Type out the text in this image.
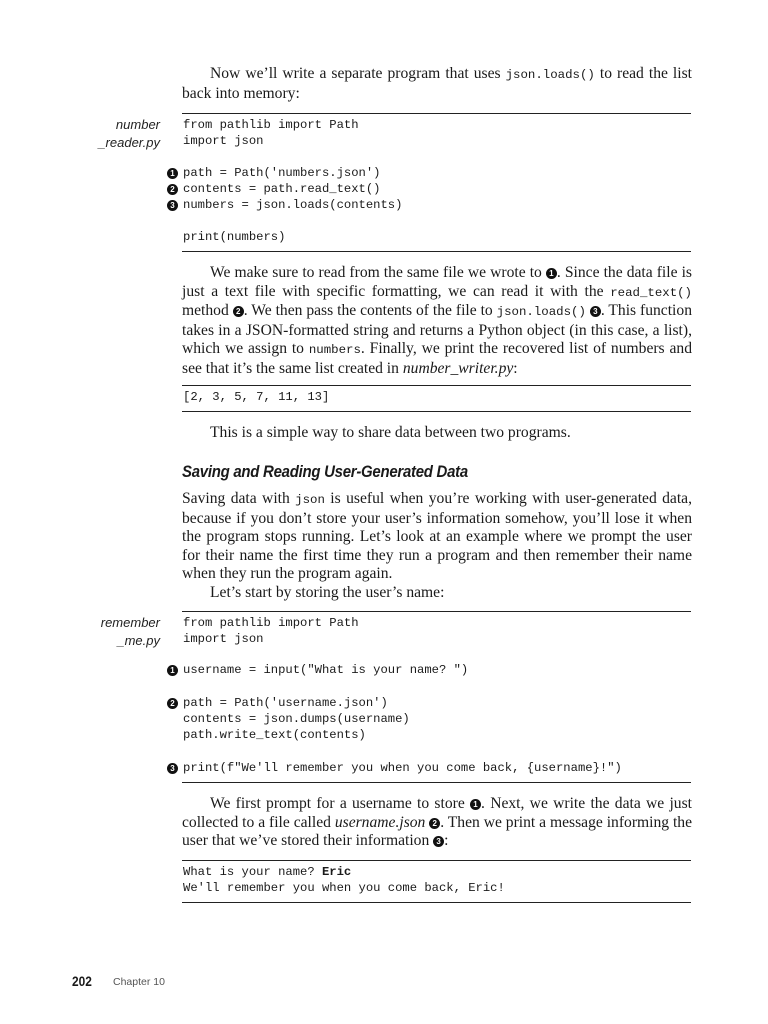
Now we’ll write a separate program that uses json.loads() to read the list back into memory:
number
_reader.py
from pathlib import Path
import json
1 path = Path('numbers.json')
2 contents = path.read_text()
3 numbers = json.loads(contents)
print(numbers)
We make sure to read from the same file we wrote to 1 . Since the data file is just a text file with specific formatting, we can read it with the read_text() method 2 . We then pass the contents of the file to json.loads() 3 . This function takes in a JSON-formatted string and returns a Python object (in this case, a list), which we assign to numbers. Finally, we print the recovered list of numbers and see that it’s the same list created in number_writer.py:
[2, 3, 5, 7, 11, 13]
This is a simple way to share data between two programs.
Saving and Reading User-Generated Data
Saving data with json is useful when you’re working with user-generated data, because if you don’t store your user’s information somehow, you’ll lose it when the program stops running. Let’s look at an example where we prompt the user for their name the first time they run a program and then remember their name when they run the program again.
Let’s start by storing the user’s name:
remember
_me.py
from pathlib import Path
import json
1 username = input("What is your name? ")
2 path = Path('username.json')
contents = json.dumps(username)
path.write_text(contents)
3 print(f"We'll remember you when you come back, {username}!")
We first prompt for a username to store 1 . Next, we write the data we just collected to a file called username.json 2 . Then we print a message informing the user that we’ve stored their information 3 :
What is your name? Eric
We'll remember you when you come back, Eric!
202 Chapter 10
